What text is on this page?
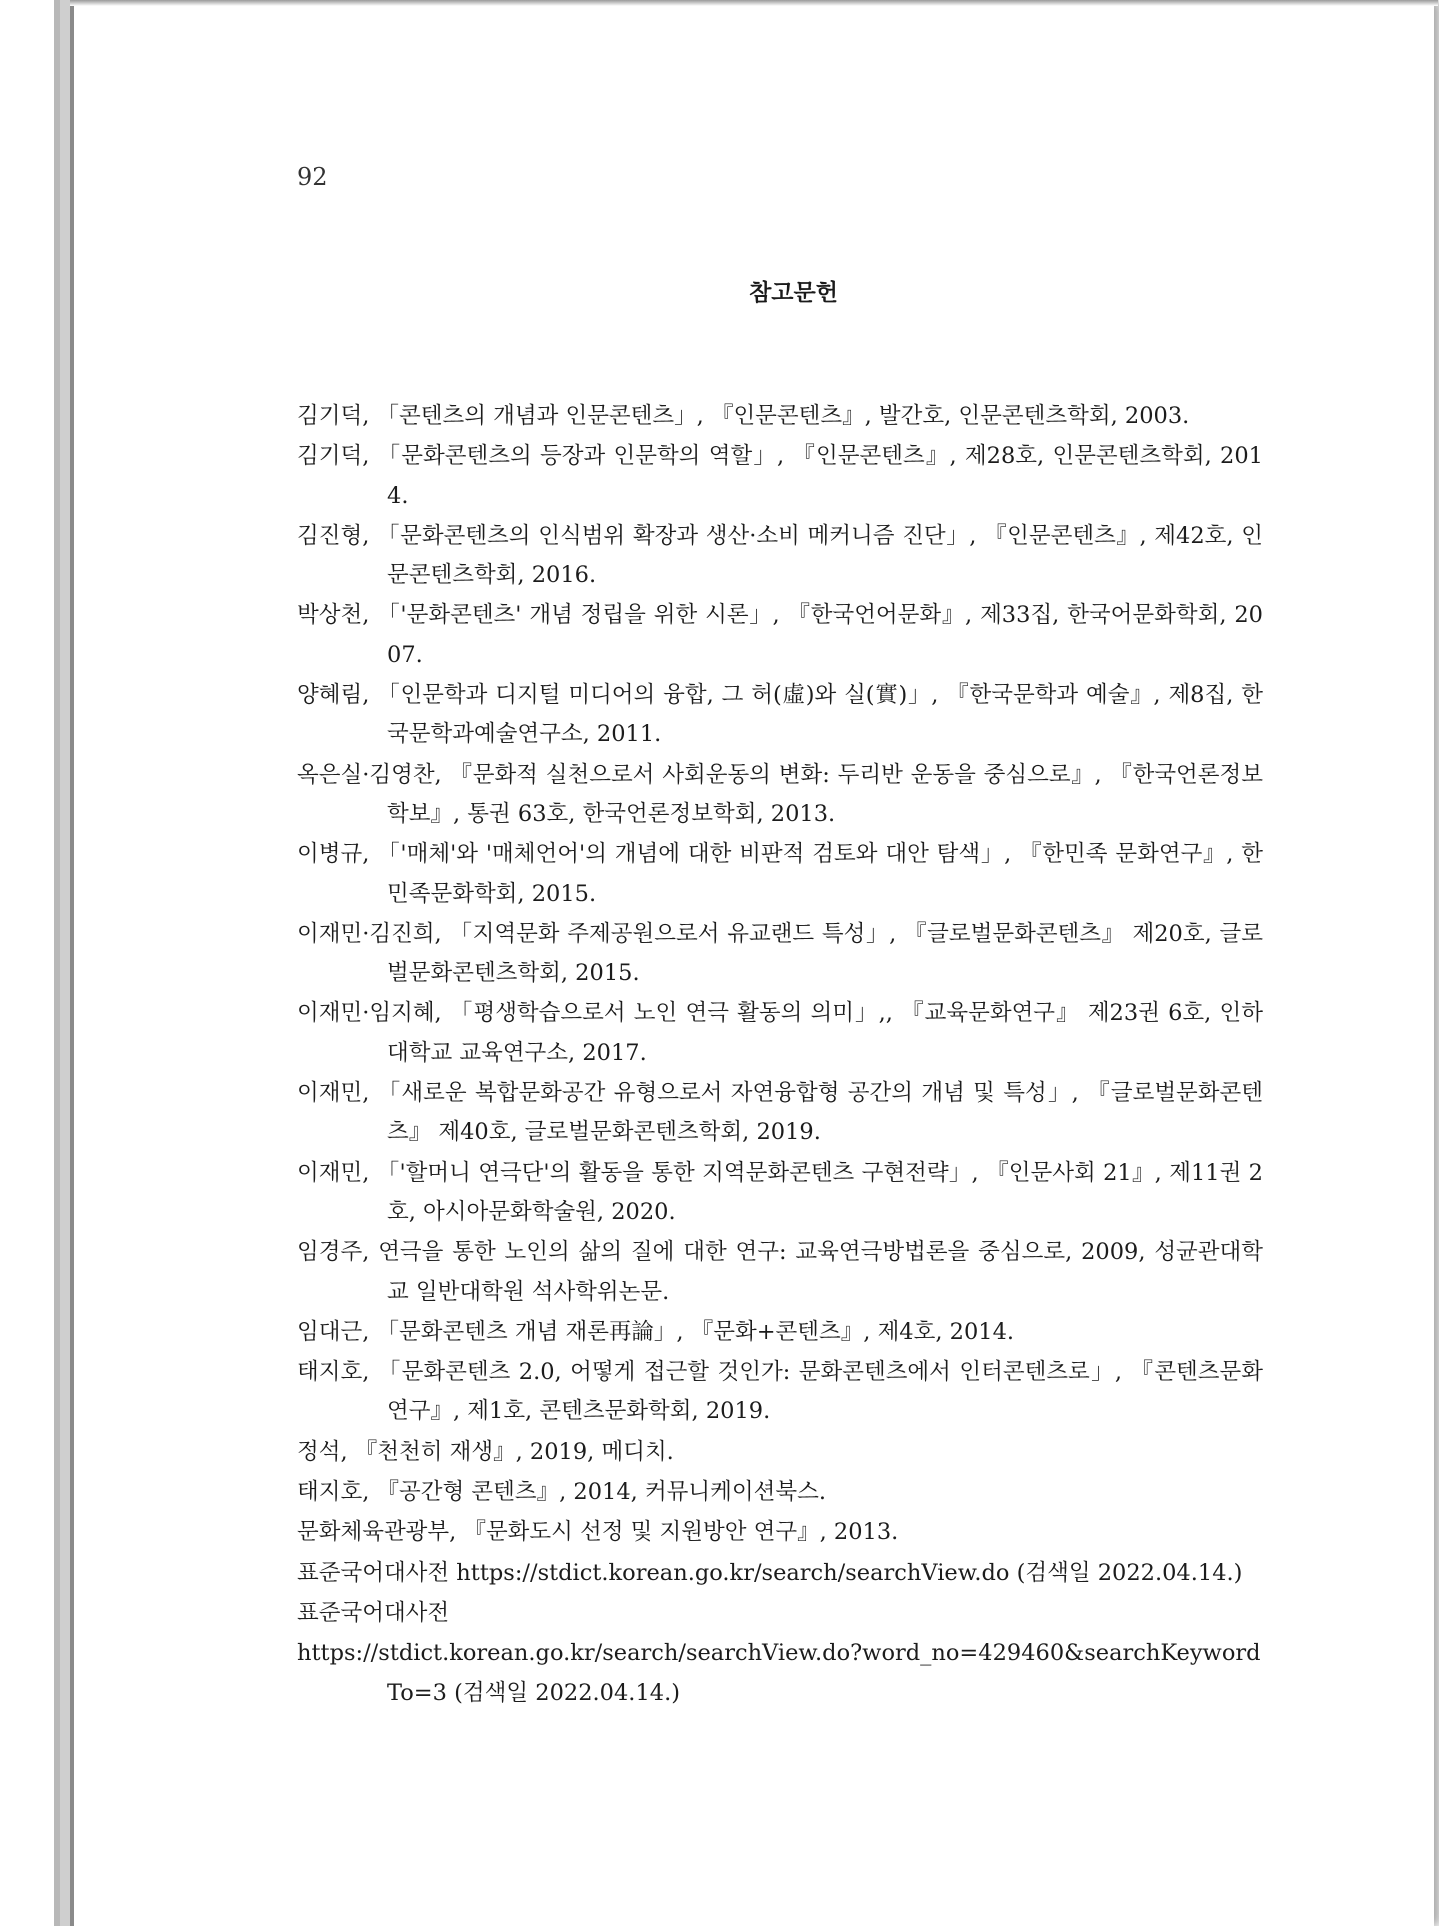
92
참고문헌
김기덕, 「콘텐츠의 개념과 인문콘텐츠」, 『인문콘텐츠』, 발간호, 인문콘텐츠학회, 2003.
김기덕, 「문화콘텐츠의 등장과 인문학의 역할」, 『인문콘텐츠』, 제28호, 인문콘텐츠학회, 2014.
김진형, 「문화콘텐츠의 인식범위 확장과 생산·소비 메커니즘 진단」, 『인문콘텐츠』, 제42호, 인문콘텐츠학회, 2016.
박상천, 「'문화콘텐츠' 개념 정립을 위한 시론」, 『한국언어문화』, 제33집, 한국어문화학회, 2007.
양혜림, 「인문학과 디지털 미디어의 융합, 그 허(虛)와 실(實)」, 『한국문학과 예술』, 제8집, 한국문학과예술연구소, 2011.
옥은실·김영찬, 『문화적 실천으로서 사회운동의 변화: 두리반 운동을 중심으로』, 『한국언론정보학보』, 통권 63호, 한국언론정보학회, 2013.
이병규, 「'매체'와 '매체언어'의 개념에 대한 비판적 검토와 대안 탐색」, 『한민족 문화연구』, 한민족문화학회, 2015.
이재민·김진희, 「지역문화 주제공원으로서 유교랜드 특성」, 『글로벌문화콘텐츠』 제20호, 글로벌문화콘텐츠학회, 2015.
이재민·임지혜, 「평생학습으로서 노인 연극 활동의 의미」,, 『교육문화연구』 제23권 6호, 인하대학교 교육연구소, 2017.
이재민, 「새로운 복합문화공간 유형으로서 자연융합형 공간의 개념 및 특성」, 『글로벌문화콘텐츠』 제40호, 글로벌문화콘텐츠학회, 2019.
이재민, 「'할머니 연극단'의 활동을 통한 지역문화콘텐츠 구현전략」, 『인문사회 21』, 제11권 2호, 아시아문화학술원, 2020.
임경주, 연극을 통한 노인의 삶의 질에 대한 연구: 교육연극방법론을 중심으로, 2009, 성균관대학교 일반대학원 석사학위논문.
임대근, 「문화콘텐츠 개념 재론再論」, 『문화+콘텐츠』, 제4호, 2014.
태지호, 「문화콘텐츠 2.0, 어떻게 접근할 것인가: 문화콘텐츠에서 인터콘텐츠로」, 『콘텐츠문화연구』, 제1호, 콘텐츠문화학회, 2019.
정석, 『천천히 재생』, 2019, 메디치.
태지호, 『공간형 콘텐츠』, 2014, 커뮤니케이션북스.
문화체육관광부, 『문화도시 선정 및 지원방안 연구』, 2013.
표준국어대사전 https://stdict.korean.go.kr/search/searchView.do (검색일 2022.04.14.)
표준국어대사전
https://stdict.korean.go.kr/search/searchView.do?word_no=429460&searchKeywordTo=3 (검색일 2022.04.14.)
